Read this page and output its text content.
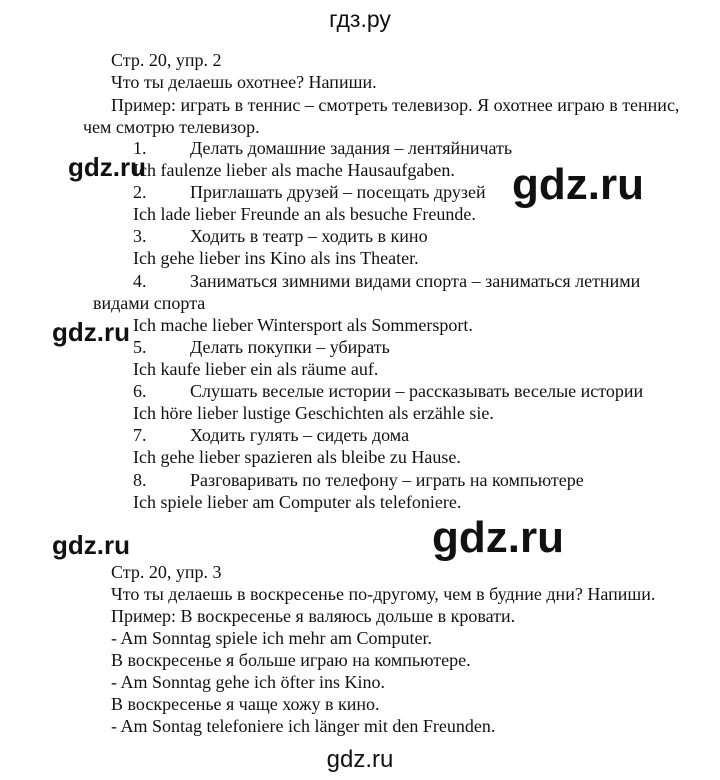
гдз.ру
Стр. 20, упр. 2
Что ты делаешь охотнее? Напиши.
Пример: играть в теннис – смотреть телевизор. Я охотнее играю в теннис,
чем смотрю телевизор.
1. Делать домашние задания – лентяйничать
Ich faulenze lieber als mache Hausaufgaben.
2. Приглашать друзей – посещать друзей
Ich lade lieber Freunde an als besuche Freunde.
3. Ходить в театр – ходить в кино
Ich gehe lieber ins Kino als ins Theater.
4. Заниматься зимними видами спорта – заниматься летними
видами спорта
Ich mache lieber Wintersport als Sommersport.
5. Делать покупки – убирать
Ich kaufe lieber ein als räume auf.
6. Слушать веселые истории – рассказывать веселые истории
Ich höre lieber lustige Geschichten als erzähle sie.
7. Ходить гулять – сидеть дома
Ich gehe lieber spazieren als bleibe zu Hause.
8. Разговаривать по телефону – играть на компьютере
Ich spiele lieber am Computer als telefoniere.
Стр. 20, упр. 3
Что ты делаешь в воскресенье по-другому, чем в будние дни? Напиши.
Пример: В воскресенье я валяюсь дольше в кровати.
- Am Sonntag spiele ich mehr am Computer.
В воскресенье я больше играю на компьютере.
- Am Sonntag gehe ich öfter ins Kino.
В воскресенье я чаще хожу в кино.
- Am Sontag telefoniere ich länger mit den Freunden.
gdz.ru	gdz.ru
gdz.ru
gdz.ru	gdz.ru
gdz.ru
